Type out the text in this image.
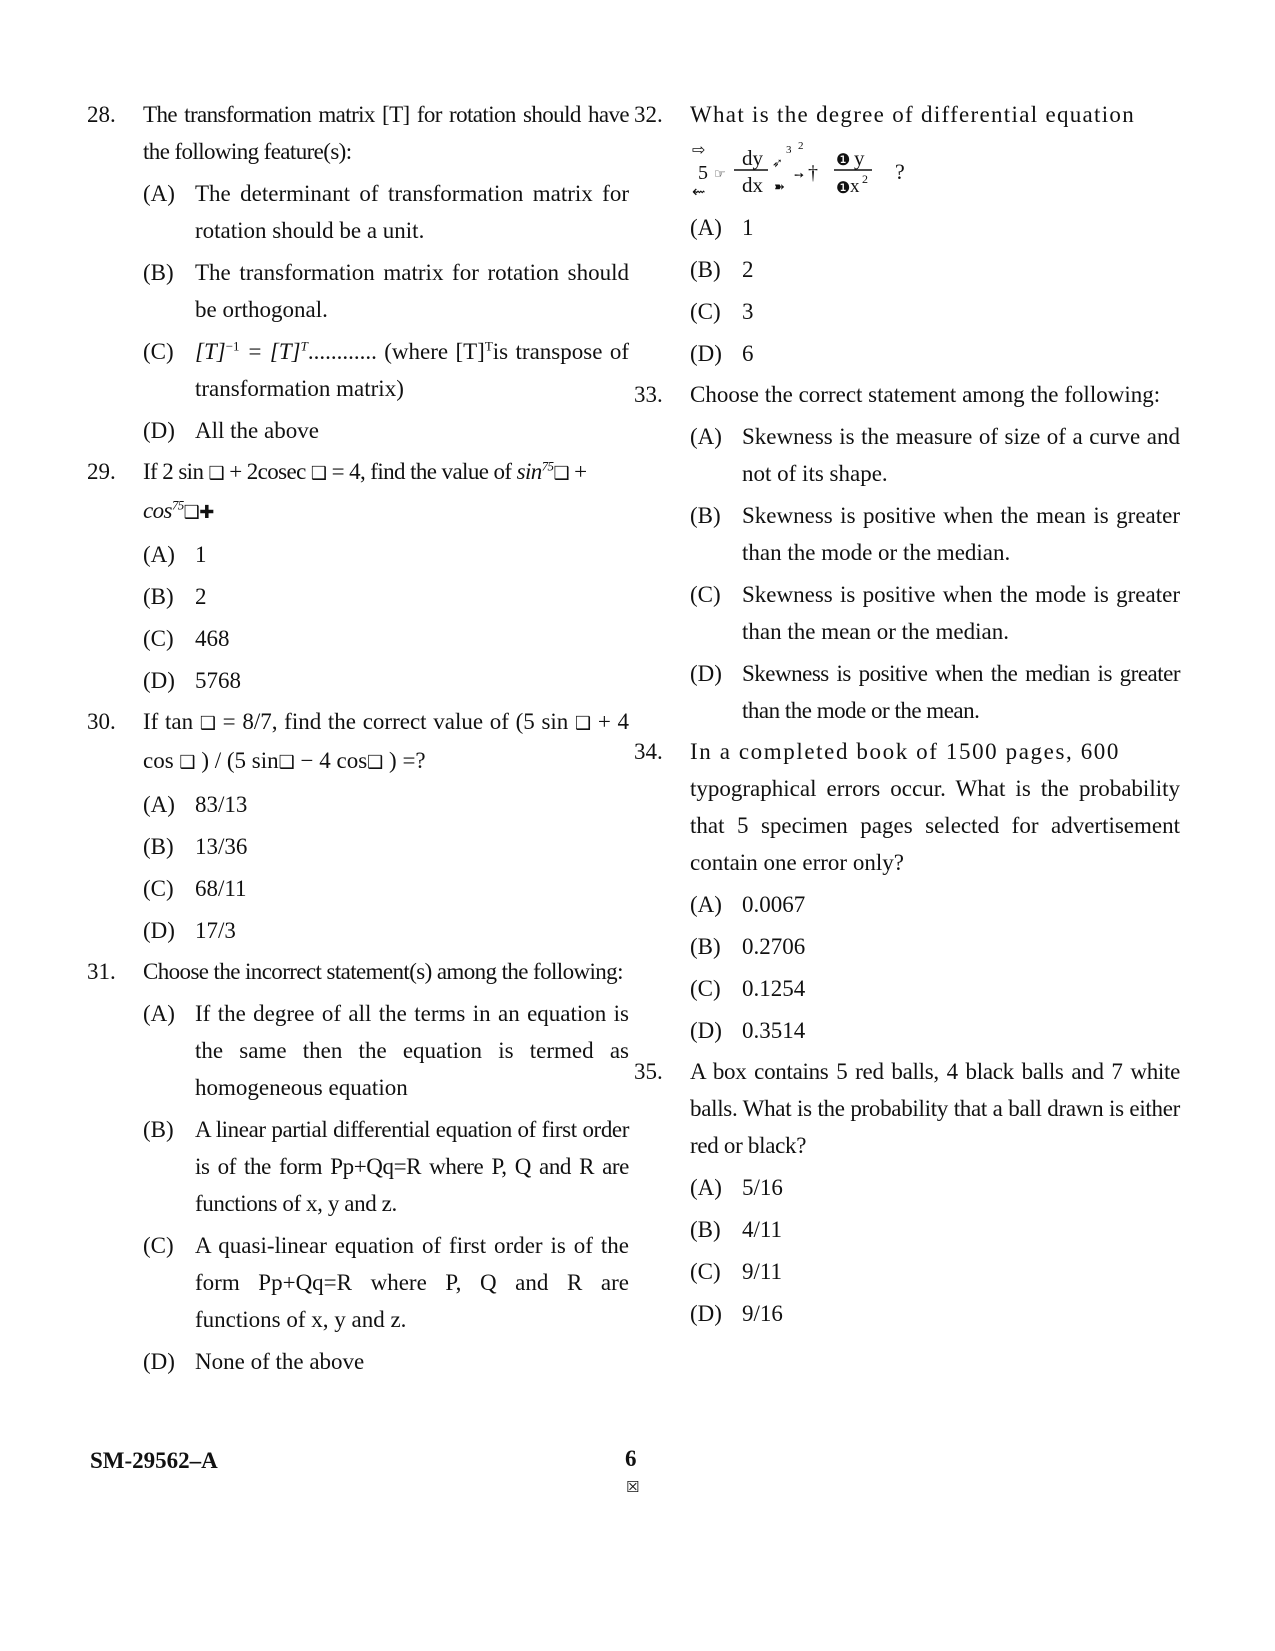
28. The transformation matrix [T] for rotation should have the following feature(s):
(A) The determinant of transformation matrix for rotation should be a unit.
(B) The transformation matrix for rotation should be orthogonal.
(C) $[T]^{-1} = [T]^T$............ (where $[T]^Tis$ transpose of transformation matrix)
(D) All the above
29. If 2 sin ❑ + 2cosec ❑ = 4, find the value of $\sin^{75}❑$ +
$\cos^{75}❑✚$
(A) 1
(B) 2
(C) 468
(D) 5768
30. If tan ❑ = 8/7, find the correct value of (5 sin ❑ + 4 cos ❑ ) / (5 sin❑ − 4 cos❑ ) =?
(A) 83/13
(B) 13/36
(C) 68/11
(D) 17/3
31. Choose the incorrect statement(s) among the following:
(A) If the degree of all the terms in an equation is the same then the equation is termed as homogeneous equation
(B) A linear partial differential equation of first order is of the form Pp+Qq=R where P, Q and R are functions of x, y and z.
(C) A quasi-linear equation of first order is of the form Pp+Qq=R where P, Q and R are functions of x, y and z.
(D) None of the above
32. What is the degree of differential equation
⇨
⇜
5 ☞
dy
dx
➶
3 2
➽
➙ †
❶ y
❶ x 2 ?
(A) 1
(B) 2
(C) 3
(D) 6
33. Choose the correct statement among the following:
(A) Skewness is the measure of size of a curve and not of its shape.
(B) Skewness is positive when the mean is greater than the mode or the median.
(C) Skewness is positive when the mode is greater than the mean or the median.
(D) Skewness is positive when the median is greater than the mode or the mean.
34. In a completed book of 1500 pages, 600
typographical errors occur. What is the probability that 5 specimen pages selected for advertisement contain one error only?
(A) 0.0067
(B) 0.2706
(C) 0.1254
(D) 0.3514
35. A box contains 5 red balls, 4 black balls and 7 white balls. What is the probability that a ball drawn is either red or black?
(A) 5/16
(B) 4/11
(C) 9/11
(D) 9/16
SM-29562–A	6
☒
